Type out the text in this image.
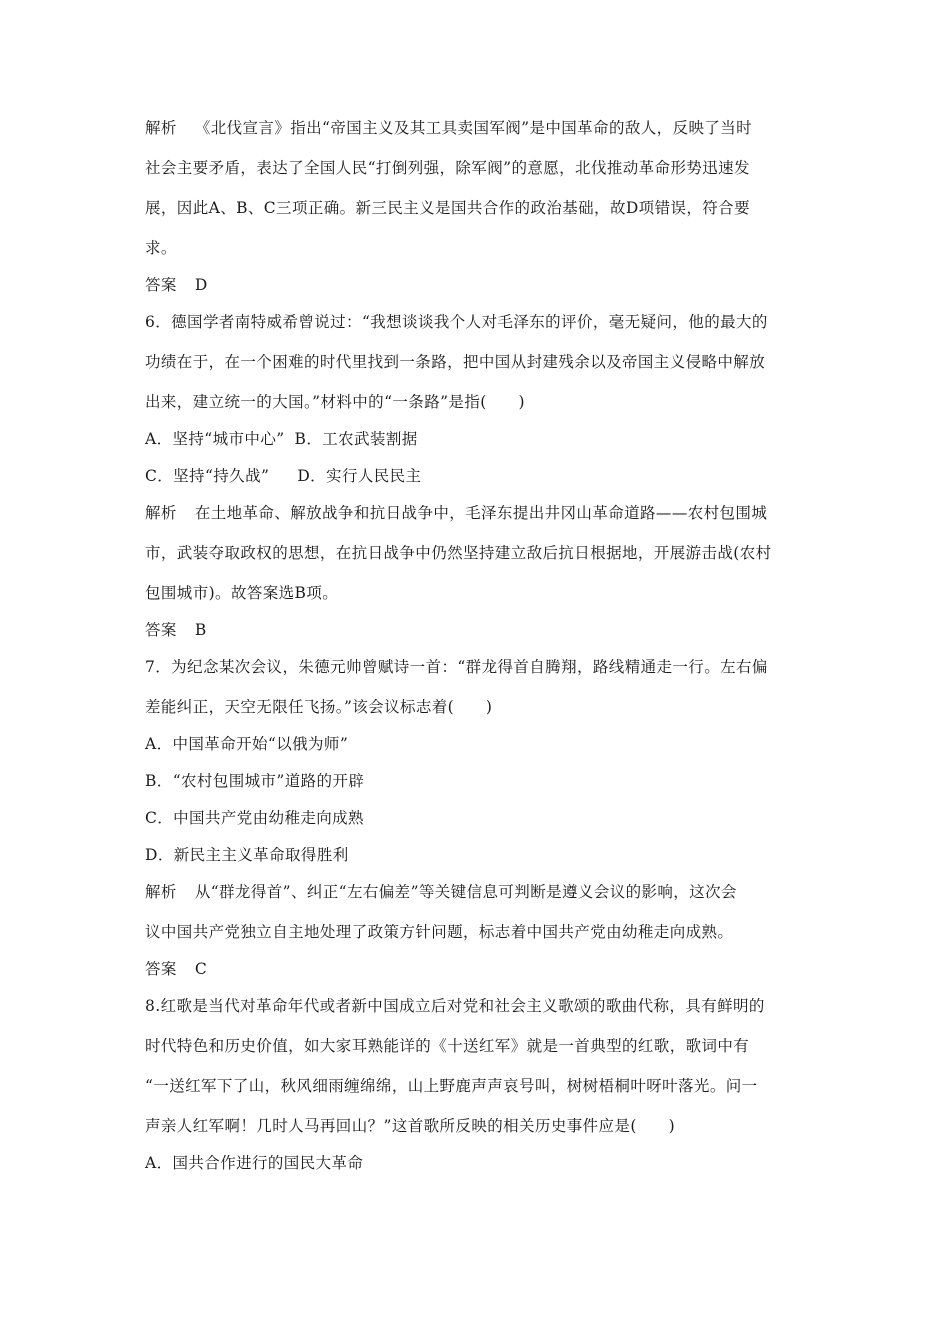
解析 《北伐宣言》指出“帝国主义及其工具卖国军阀”是中国革命的敌人，反映了当时
社会主要矛盾，表达了全国人民“打倒列强，除军阀”的意愿，北伐推动革命形势迅速发
展，因此A、B、C三项正确。新三民主义是国共合作的政治基础，故D项错误，符合要
求。
答案 D
6．德国学者南特威希曾说过：“我想谈谈我个人对毛泽东的评价，毫无疑问，他的最大的
功绩在于，在一个困难的时代里找到一条路，把中国从封建残余以及帝国主义侵略中解放
出来，建立统一的大国。”材料中的“一条路”是指(　　)
A．坚持“城市中心” B．工农武装割据
C．坚持“持久战” D．实行人民民主
解析 在土地革命、解放战争和抗日战争中，毛泽东提出井冈山革命道路——农村包围城
市，武装夺取政权的思想，在抗日战争中仍然坚持建立敌后抗日根据地，开展游击战(农村
包围城市)。故答案选B项。
答案 B
7．为纪念某次会议，朱德元帅曾赋诗一首：“群龙得首自腾翔，路线精通走一行。左右偏
差能纠正，天空无限任飞扬。”该会议标志着(　　)
A．中国革命开始“以俄为师”
B．“农村包围城市”道路的开辟
C．中国共产党由幼稚走向成熟
D．新民主主义革命取得胜利
解析 从“群龙得首”、纠正“左右偏差”等关键信息可判断是遵义会议的影响，这次会
议中国共产党独立自主地处理了政策方针问题，标志着中国共产党由幼稚走向成熟。
答案 C
8.红歌是当代对革命年代或者新中国成立后对党和社会主义歌颂的歌曲代称，具有鲜明的
时代特色和历史价值，如大家耳熟能详的《十送红军》就是一首典型的红歌，歌词中有
“一送红军下了山，秋风细雨缠绵绵，山上野鹿声声哀号叫，树树梧桐叶呀叶落光。问一
声亲人红军啊！几时人马再回山？”这首歌所反映的相关历史事件应是(　　)
A．国共合作进行的国民大革命
